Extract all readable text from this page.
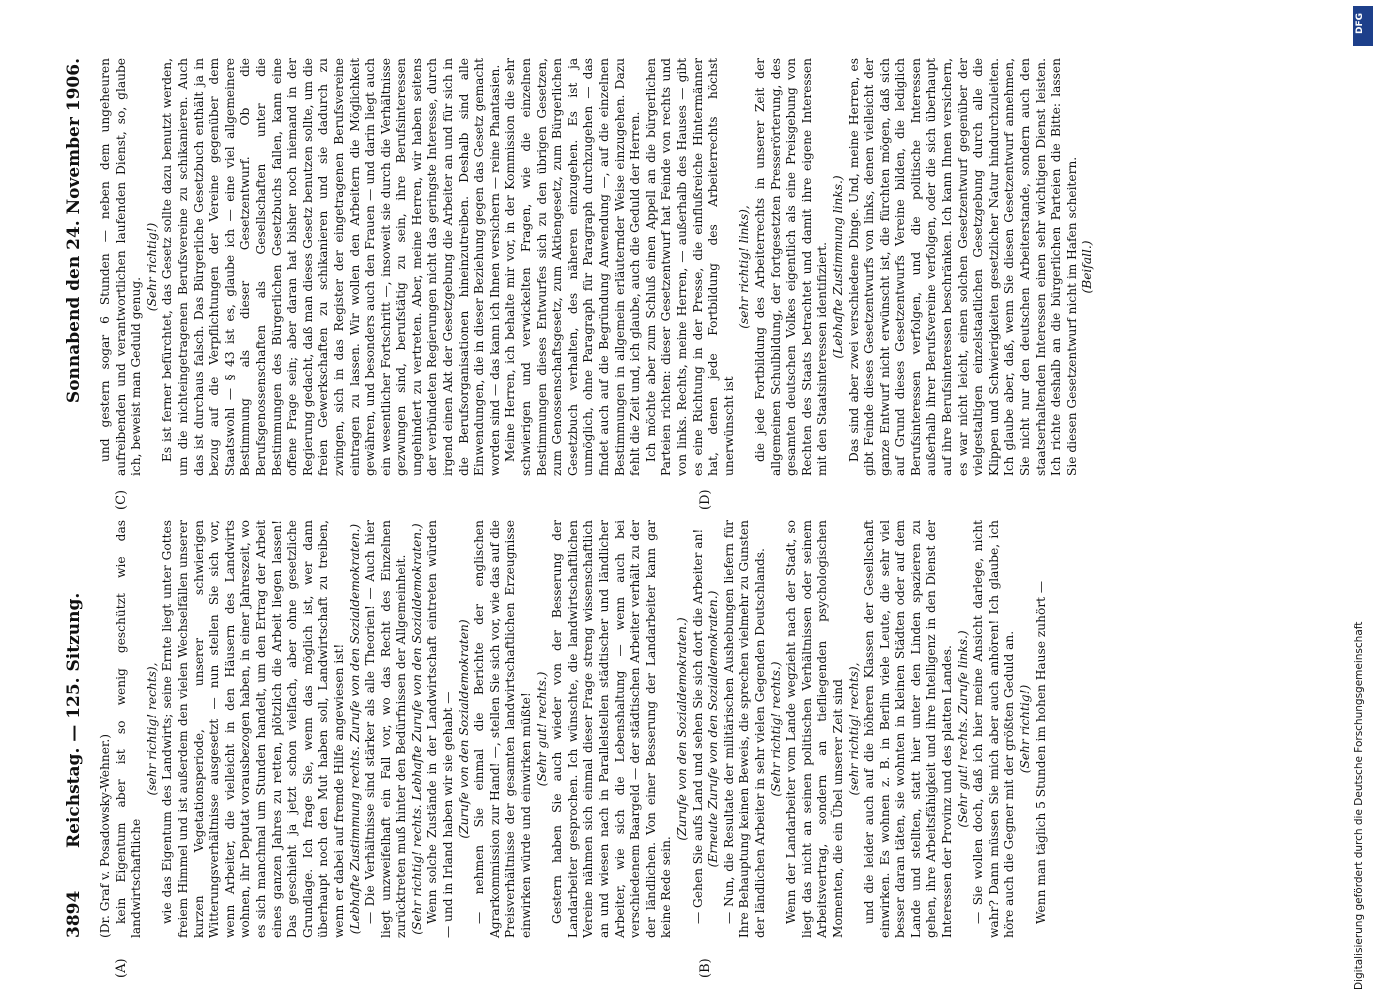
3894
Reichstag. — 125. Sitzung.
Sonnabend den 24. November 1906.

(Dr. Graf v. Posadowsky-Wehner.) kein Eigentum aber ist so wenig geschützt wie das landwirtschaftliche

(sehr richtig! rechts), wie das Eigentum des Landwirts; seine Ernte liegt unter Gottes freiem Himmel und ist außerdem den vielen Wechselfällen unserer kurzen Vegetationsperiode, unserer schwierigen Witterungsverhältnisse ausgesetzt — nun stellen Sie sich vor, wenn Arbeiter, die vielleicht in den Häusern des Landwirts wohnen, ihr Deputat vorausbezogen haben, in einer Jahreszeit, wo es sich manchmal um Stunden handelt, um den Ertrag der Arbeit eines ganzen Jahres zu retten, plötzlich die Arbeit liegen lassen! Das geschieht ja jetzt schon vielfach, aber ohne gesetzliche Grundlage. Ich frage Sie, wenn das möglich ist, wer dann überhaupt noch den Mut haben soll, Landwirtschaft zu treiben, wenn er dabei auf fremde Hilfe angewiesen ist! (Lebhafte Zustimmung rechts. Zurufe von den Sozialdemokraten.) — Die Verhältnisse sind stärker als alle Theorien! — Auch hier liegt unzweifelhaft ein Fall vor, wo das Recht des Einzelnen zurücktreten muß hinter den Bedürfnissen der Allgemeinheit. (Sehr richtig! rechts. Lebhafte Zurufe von den Sozialdemokraten.) Wenn solche Zustände in der Landwirtschaft eintreten würden — und in Irland haben wir sie gehabt — (Zurufe von den Sozialdemokraten) — nehmen Sie einmal die Berichte der englischen Agrarkommission zur Hand! —, stellen Sie sich vor, wie das auf die Preisverhältnisse der gesamten landwirtschaftlichen Erzeugnisse einwirken würde und einwirken müßte! (Sehr gut! rechts.) Gestern haben Sie auch wieder von der Besserung der Landarbeiter gesprochen. Ich wünschte, die landwirtschaftlichen Vereine nähmen sich einmal dieser Frage streng wissenschaftlich an und wiesen nach in Parallelstellen städtischer und ländlicher Arbeiter, wie sich die Lebenshaltung — wenn auch bei verschiedenem Baargeld — der städtischen Arbeiter verhält zu der der ländlichen. Von einer Besserung der Landarbeiter kann gar keine Rede sein.

(Zurufe von den Sozialdemokraten.) — Gehen Sie aufs Land und sehen Sie sich dort die Arbeiter an! (Erneute Zurufe von den Sozialdemokraten.) — Nun, die Resultate der militärischen Aushebungen liefern für Ihre Behauptung keinen Beweis, die sprechen vielmehr zu Gunsten der ländlichen Arbeiter in sehr vielen Gegenden Deutschlands. (Sehr richtig! rechts.) Wenn der Landarbeiter vom Lande wegzieht nach der Stadt, so liegt das nicht an seinen politischen Verhältnissen oder seinem Arbeitsvertrag, sondern an tiefliegenden psychologischen Momenten, die ein Übel unserer Zeit sind (sehr richtig! rechts), und die leider auch auf die höheren Klassen der Gesellschaft einwirken. Es wohnen z. B. in Berlin viele Leute, die sehr viel besser daran täten, sie wohnten in kleinen Städten oder auf dem Lande und stellten, statt hier unter den Linden spazieren zu gehen, ihre Arbeitsfähigkeit und ihre Intelligenz in den Dienst der Interessen der Provinz und des platten Landes. (Sehr gut! rechts. Zurufe links.) — Sie wollen doch, daß ich hier meine Ansicht darlege, nicht wahr? Dann müssen Sie mich aber auch anhören! Ich glaube, ich höre auch die Gegner mit der größten Geduld an. (Sehr richtig!) Wenn man täglich 5 Stunden im hohen Hause zuhört —

und gestern sogar 6 Stunden — neben dem ungeheuren aufreibenden und verantwortlichen laufenden Dienst, so, glaube ich, beweist man Geduld genug.

(Sehr richtig!) Es ist ferner befürchtet, das Gesetz sollte dazu benutzt werden, um die nichteingetragenen Berufsvereine zu schikanieren. Auch das ist durchaus falsch. Das Bürgerliche Gesetzbuch enthält ja in bezug auf die Verpflichtungen der Vereine gegenüber dem Staatswohl — § 43 ist es, glaube ich — eine viel allgemeinere Bestimmung als dieser Gesetzentwurf. Ob die Berufsgenossenschaften als Gesellschaften unter die Bestimmungen des Bürgerlichen Gesetzbuchs fallen, kann eine offene Frage sein; aber daran hat bisher noch niemand in der Regierung gedacht, daß man dieses Gesetz benutzen sollte, um die freien Gewerkschaften zu schikanieren und sie dadurch zu zwingen, sich in das Register der eingetragenen Berufsvereine eintragen zu lassen. Wir wollen den Arbeitern die Möglichkeit gewähren, und besonders auch den Frauen — und darin liegt auch ein wesentlicher Fortschritt —, insoweit sie durch die Verhältnisse gezwungen sind, berufstätig zu sein, ihre Berufsinteressen ungehindert zu vertreten. Aber, meine Herren, wir haben seitens der verbündeten Regierungen nicht das geringste Interesse, durch irgend einen Akt der Gesetzgebung die Arbeiter an und für sich in die Berufsorganisationen hineinzutreiben. Deshalb sind alle Einwendungen, die in dieser Beziehung gegen das Gesetz gemacht worden sind — das kann ich Ihnen versichern — reine Phantasien. Meine Herren, ich behalte mir vor, in der Kommission die sehr schwierigen und verwickelten Fragen, wie die einzelnen Bestimmungen dieses Entwurfes sich zu den übrigen Gesetzen, zum Genossenschaftsgesetz, zum Aktiengesetz, zum Bürgerlichen Gesetzbuch verhalten, des näheren einzugehen. Es ist ja unmöglich, ohne Paragraph für Paragraph durchzugehen — das findet auch auf die Begründung Anwendung —, auf die einzelnen Bestimmungen in allgemein erläuternder Weise einzugehen. Dazu fehlt die Zeit und, ich glaube, auch die Geduld der Herren. Ich möchte aber zum Schluß einen Appell an die bürgerlichen Parteien richten: dieser Gesetzentwurf hat Feinde von rechts und von links. Rechts, meine Herren, — außerhalb des Hauses — gibt es eine Richtung in der Presse, die einflußreiche Hintermänner hat, denen jede Fortbildung des Arbeiterrechts höchst unerwünscht ist

(sehr richtig! links), die jede Fortbildung des Arbeiterrechts in unserer Zeit der allgemeinen Schulbildung, der fortgesetzten Presserörterung, des gesamten deutschen Volkes eigentlich als eine Preisgebung von Rechten des Staats betrachtet und damit ihre eigene Interessen mit den Staatsinteressen identifiziert. (Lebhafte Zustimmung links.) Das sind aber zwei verschiedene Dinge. Und, meine Herren, es gibt Feinde dieses Gesetzentwurfs von links, denen vielleicht der ganze Entwurf nicht erwünscht ist, die fürchten mögen, daß sich auf Grund dieses Gesetzentwurfs Vereine bilden, die lediglich Berufsinteressen verfolgen, und die politische Interessen außerhalb ihrer Berufsvereine verfolgen, oder die sich überhaupt auf ihre Berufsinteressen beschränken. Ich kann Ihnen versichern, es war nicht leicht, einen solchen Gesetzentwurf gegenüber der vielgestaltigen einzelstaatlichen Gesetzgebung durch alle die Klippen und Schwierigkeiten gesetzlicher Natur hindurchzuleiten. Ich glaube aber, daß, wenn Sie diesen Gesetzentwurf annehmen, Sie nicht nur den deutschen Arbeiterstande, sondern auch den staatserhaltenden Interessen einen sehr wichtigen Dienst leisten. Ich richte deshalb an die bürgerlichen Parteien die Bitte: lassen Sie diesen Gesetzentwurf nicht im Hafen scheitern. (Beifall.)

(A)	(B)
(C)	(D)
Digitalisierung gefördert durch die Deutsche Forschungsgemeinschaft
DFG
